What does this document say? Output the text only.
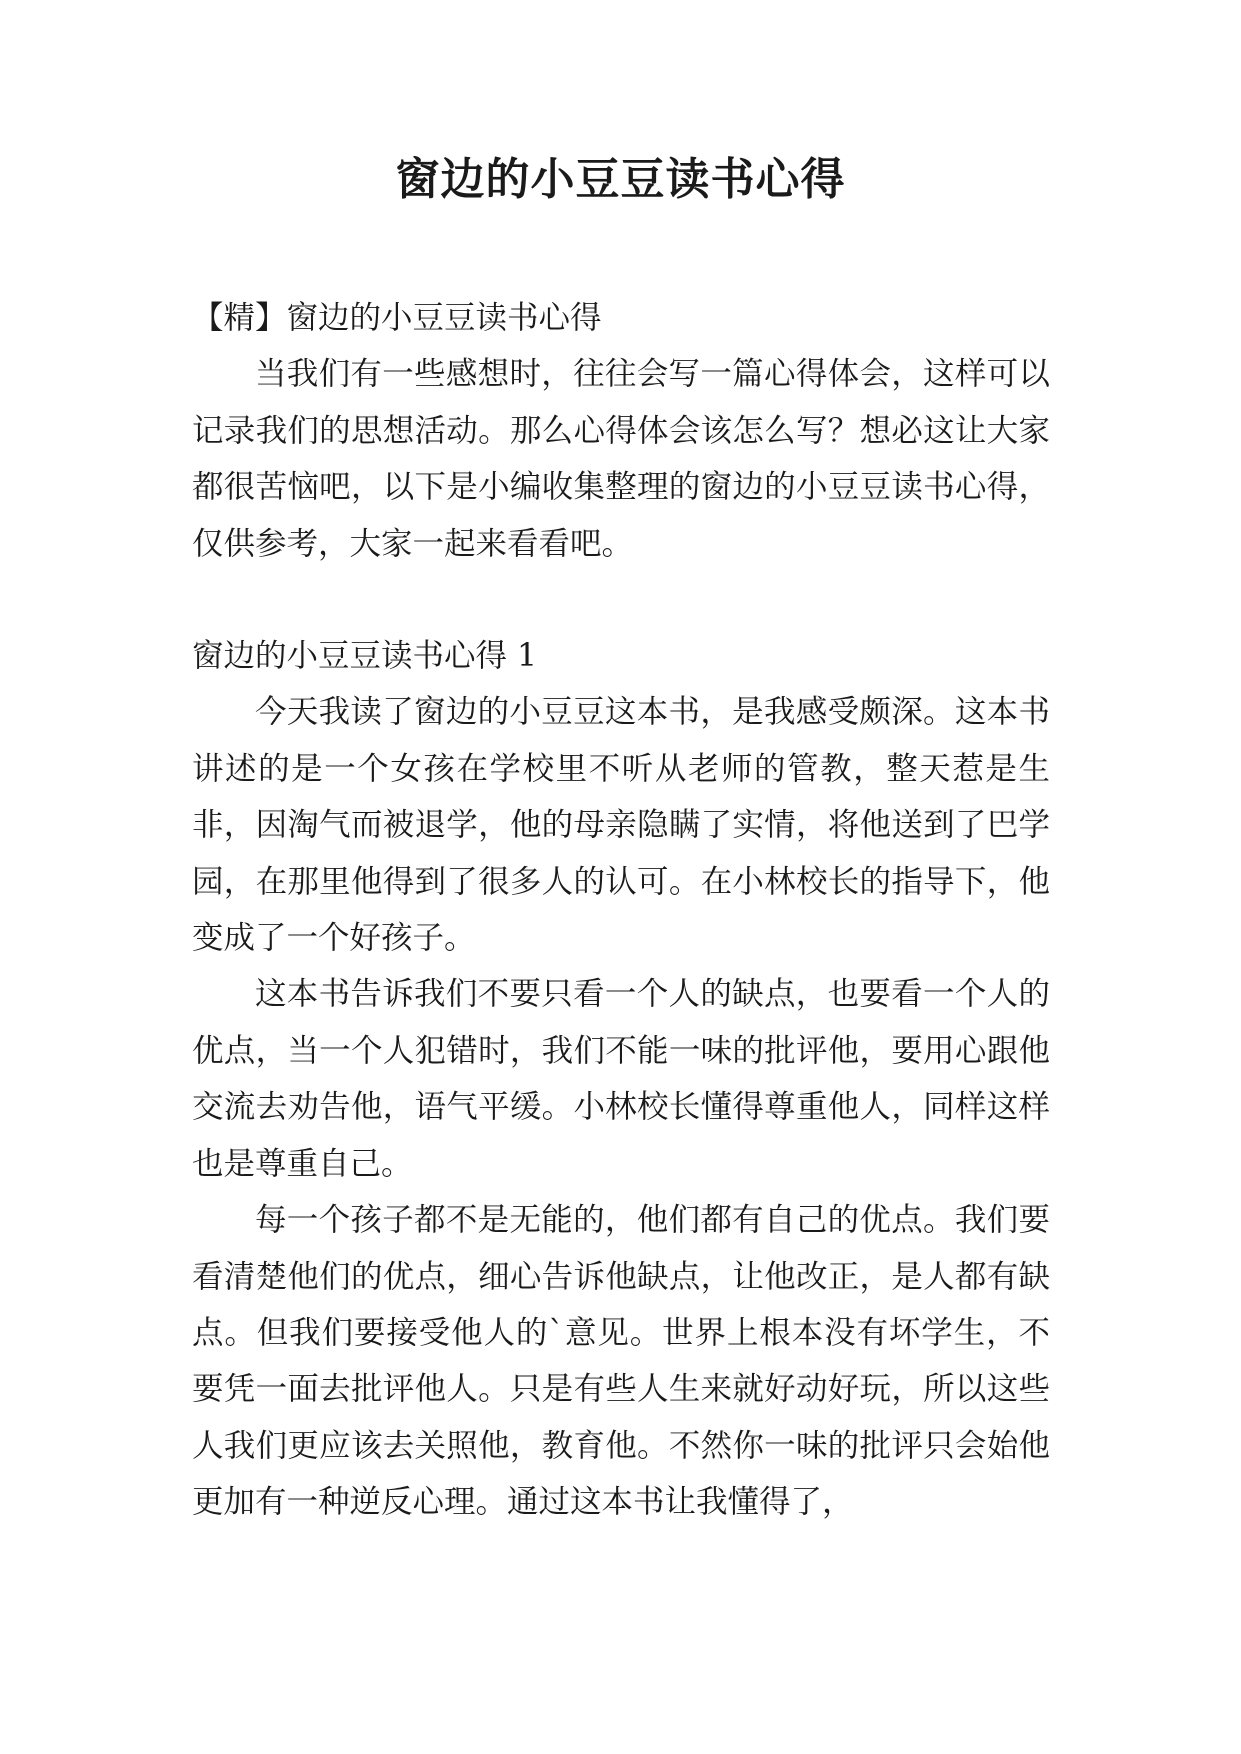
窗边的小豆豆读书心得

【精】窗边的小豆豆读书心得

当我们有一些感想时，往往会写一篇心得体会，这样可以记录我们的思想活动。那么心得体会该怎么写？想必这让大家都很苦恼吧，以下是小编收集整理的窗边的小豆豆读书心得，仅供参考，大家一起来看看吧。

窗边的小豆豆读书心得 1

今天我读了窗边的小豆豆这本书，是我感受颇深。这本书讲述的是一个女孩在学校里不听从老师的管教，整天惹是生非，因淘气而被退学，他的母亲隐瞒了实情，将他送到了巴学园，在那里他得到了很多人的认可。在小林校长的指导下，他变成了一个好孩子。

这本书告诉我们不要只看一个人的缺点，也要看一个人的优点，当一个人犯错时，我们不能一味的批评他，要用心跟他交流去劝告他，语气平缓。小林校长懂得尊重他人，同样这样也是尊重自己。

每一个孩子都不是无能的，他们都有自己的优点。我们要看清楚他们的优点，细心告诉他缺点，让他改正，是人都有缺点。但我们要接受他人的`意见。世界上根本没有坏学生，不要凭一面去批评他人。只是有些人生来就好动好玩，所以这些人我们更应该去关照他，教育他。不然你一味的批评只会始他更加有一种逆反心理。通过这本书让我懂得了，
